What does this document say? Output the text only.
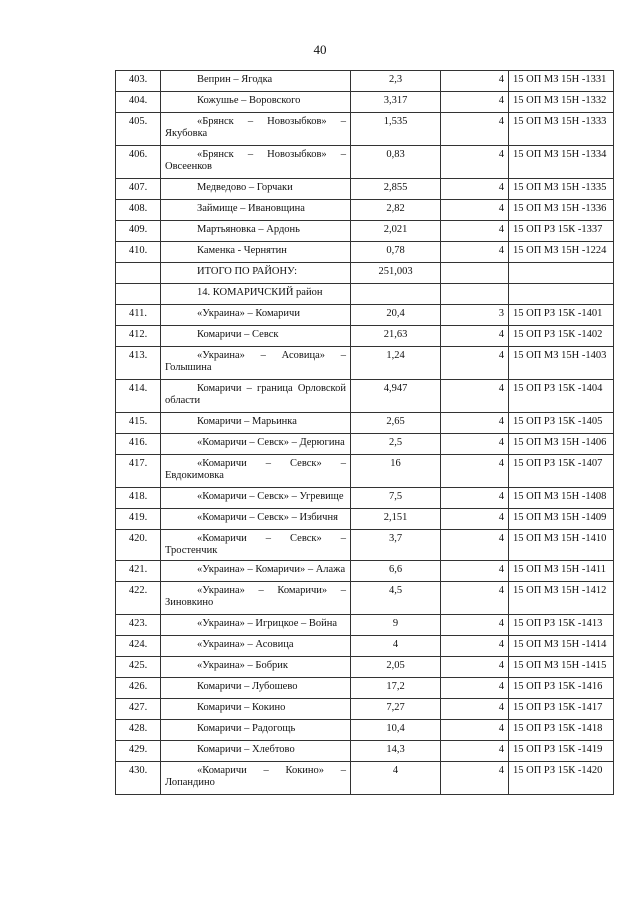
40
403.	Веприн – Ягодка	2,3	4	15 ОП МЗ 15Н -1331
404.	Кожушье – Воровского	3,317	4	15 ОП МЗ 15Н -1332
405.	«Брянск – Новозыбков» –
Якубовка	1,535	4	15 ОП МЗ 15Н -1333
406.	«Брянск – Новозыбков» –
Овсеенков	0,83	4	15 ОП МЗ 15Н -1334
407.	Медведово – Горчаки	2,855	4	15 ОП МЗ 15Н -1335
408.	Займище – Ивановщина	2,82	4	15 ОП МЗ 15Н -1336
409.	Мартьяновка – Ардонь	2,021	4	15 ОП РЗ 15К -1337
410.	Каменка - Чернятин	0,78	4	15 ОП МЗ 15Н -1224
	ИТОГО ПО РАЙОНУ:	251,003		
	14. КОМАРИЧСКИЙ район			
411.	«Украина» – Комаричи	20,4	3	15 ОП РЗ 15К -1401
412.	Комаричи – Севск	21,63	4	15 ОП РЗ 15К -1402
413.	«Украина» – Асовица» –
Голышина	1,24	4	15 ОП МЗ 15Н -1403
414.	Комаричи – граница Орловской
области	4,947	4	15 ОП РЗ 15К -1404
415.	Комаричи – Марьинка	2,65	4	15 ОП РЗ 15К -1405
416.	«Комаричи – Севск» – Дерюгина	2,5	4	15 ОП МЗ 15Н -1406
417.	«Комаричи – Севск» –
Евдокимовка	16	4	15 ОП РЗ 15К -1407
418.	«Комаричи – Севск» – Угревище	7,5	4	15 ОП МЗ 15Н -1408
419.	«Комаричи – Севск» – Избичня	2,151	4	15 ОП МЗ 15Н -1409
420.	«Комаричи – Севск» – Тростенчик	3,7	4	15 ОП МЗ 15Н -1410
421.	«Украина» – Комаричи» – Алажа	6,6	4	15 ОП МЗ 15Н -1411
422.	«Украина» – Комаричи» –
Зиновкино	4,5	4	15 ОП МЗ 15Н -1412
423.	«Украина» – Игрицкое – Война	9	4	15 ОП РЗ 15К -1413
424.	«Украина» – Асовица	4	4	15 ОП МЗ 15Н -1414
425.	«Украина» – Бобрик	2,05	4	15 ОП МЗ 15Н -1415
426.	Комаричи – Лубошево	17,2	4	15 ОП РЗ 15К -1416
427.	Комаричи – Кокино	7,27	4	15 ОП РЗ 15К -1417
428.	Комаричи – Радогощь	10,4	4	15 ОП РЗ 15К -1418
429.	Комаричи – Хлебтово	14,3	4	15 ОП РЗ 15К -1419
430.	«Комаричи – Кокино» –
Лопандино	4	4	15 ОП РЗ 15К -1420
